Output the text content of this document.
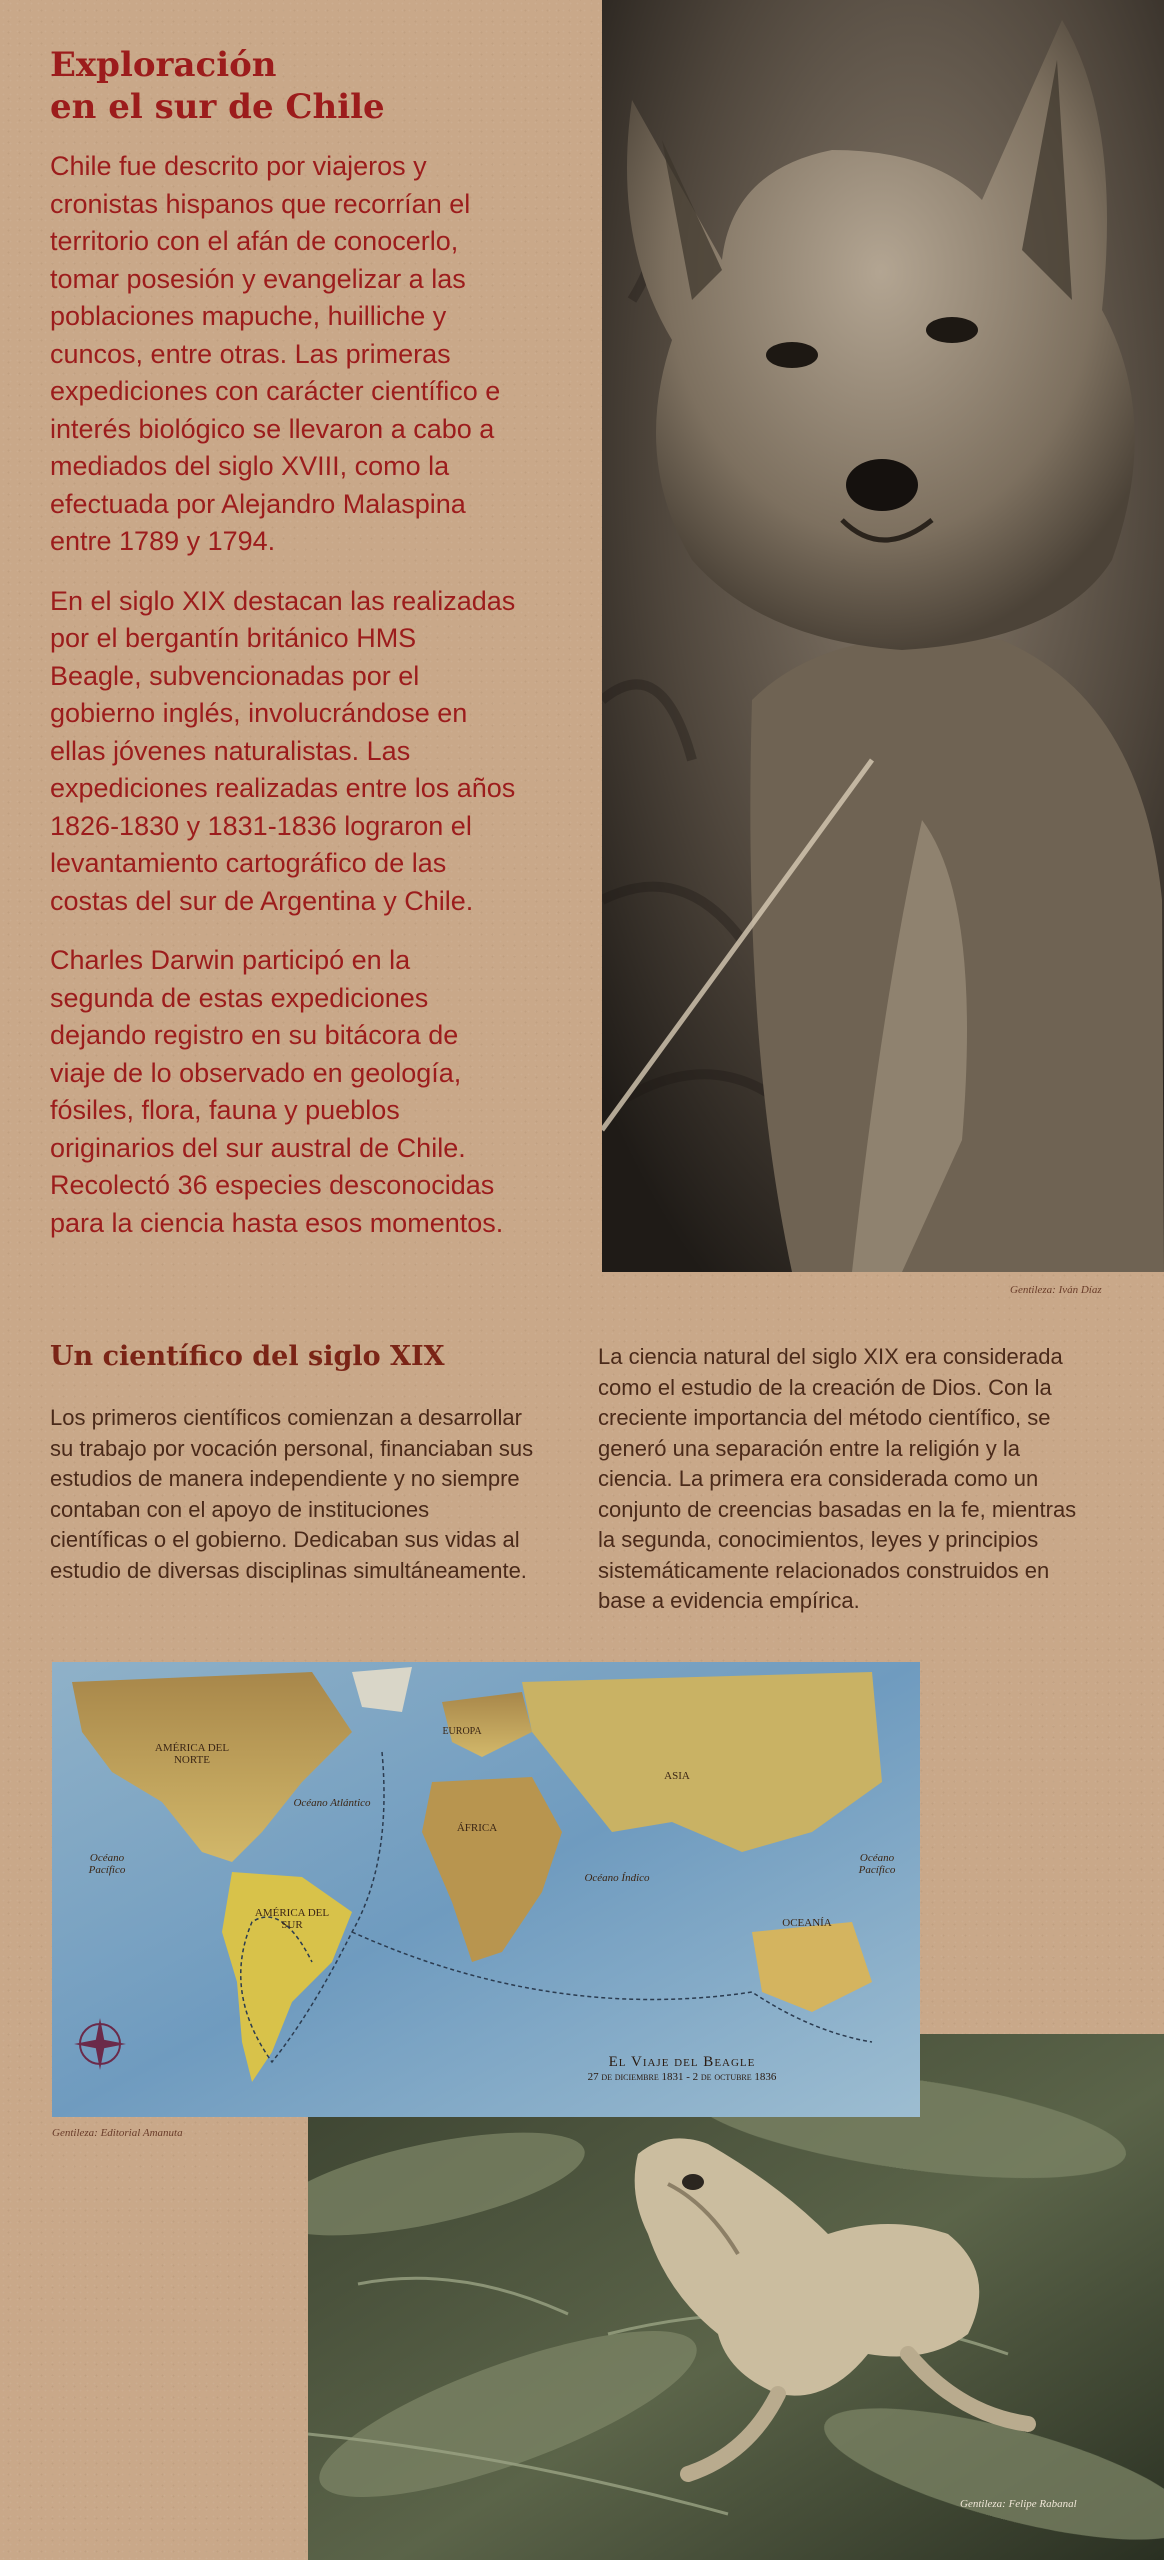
Exploración
en el sur de Chile

Chile fue descrito por viajeros y

cronistas hispanos que recorrían el

territorio con el afán de conocerlo,

tomar posesión y evangelizar a las

poblaciones mapuche, huilliche y

cuncos, entre otras. Las primeras

expediciones con carácter científico e

interés biológico se llevaron a cabo a

mediados del siglo XVIII, como la

efectuada por Alejandro Malaspina

entre 1789 y 1794.

En el siglo XIX destacan las realizadas

por el bergantín británico HMS

Beagle, subvencionadas por el

gobierno inglés, involucrándose en

ellas jóvenes naturalistas. Las

expediciones realizadas entre los años

1826-1830 y 1831-1836 lograron el

levantamiento cartográfico de las

costas del sur de Argentina y Chile.

Charles Darwin participó en la

segunda de estas expediciones

dejando registro en su bitácora de

viaje de lo observado en geología,

fósiles, flora, fauna y pueblos

originarios del sur austral de Chile.

Recolectó 36 especies desconocidas

para la ciencia hasta esos momentos.

Gentileza: Iván Díaz
Un científico del siglo XIX

Los primeros científicos comienzan a desarrollar

su trabajo por vocación personal, financiaban sus

estudios de manera independiente y no siempre

contaban con el apoyo de instituciones

científicas o el gobierno. Dedicaban sus vidas al

estudio de diversas disciplinas simultáneamente.

La ciencia natural del siglo XIX era considerada

como el estudio de la creación de Dios. Con la

creciente importancia del método científico, se

generó una separación entre la religión y la

ciencia. La primera era considerada como un

conjunto de creencias basadas en la fe, mientras

la segunda, conocimientos, leyes y principios

sistemáticamente relacionados construidos en

base a evidencia empírica.

Gentileza: Felipe Rabanal
AMÉRICA DEL NORTE
AMÉRICA DEL SUR
EUROPA
ÁFRICA
ASIA
OCEANÍA
Océano Atlántico
Océano Pacífico
Océano Pacífico
Océano Índico
El Viaje del Beagle
27 de diciembre 1831 - 2 de octubre 1836
Gentileza: Editorial Amanuta
